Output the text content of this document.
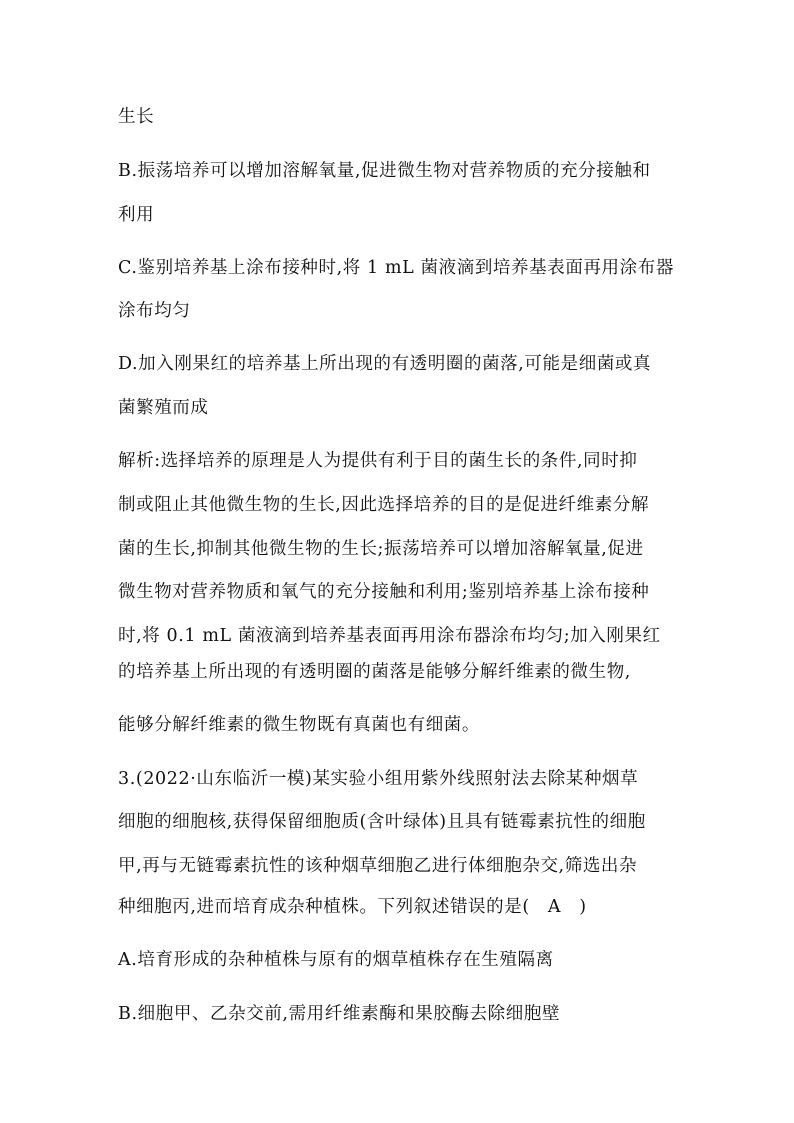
生长
B.振荡培养可以增加溶解氧量,促进微生物对营养物质的充分接触和
利用
C.鉴别培养基上涂布接种时,将 1 mL 菌液滴到培养基表面再用涂布器
涂布均匀
D.加入刚果红的培养基上所出现的有透明圈的菌落,可能是细菌或真
菌繁殖而成
解析:选择培养的原理是人为提供有利于目的菌生长的条件,同时抑
制或阻止其他微生物的生长,因此选择培养的目的是促进纤维素分解
菌的生长,抑制其他微生物的生长;振荡培养可以增加溶解氧量,促进
微生物对营养物质和氧气的充分接触和利用;鉴别培养基上涂布接种
时,将 0.1 mL 菌液滴到培养基表面再用涂布器涂布均匀;加入刚果红
的培养基上所出现的有透明圈的菌落是能够分解纤维素的微生物,
能够分解纤维素的微生物既有真菌也有细菌。
3.(2022·山东临沂一模)某实验小组用紫外线照射法去除某种烟草
细胞的细胞核,获得保留细胞质(含叶绿体)且具有链霉素抗性的细胞
甲,再与无链霉素抗性的该种烟草细胞乙进行体细胞杂交,筛选出杂
种细胞丙,进而培育成杂种植株。下列叙述错误的是(　A　)
A.培育形成的杂种植株与原有的烟草植株存在生殖隔离
B.细胞甲、乙杂交前,需用纤维素酶和果胶酶去除细胞壁
